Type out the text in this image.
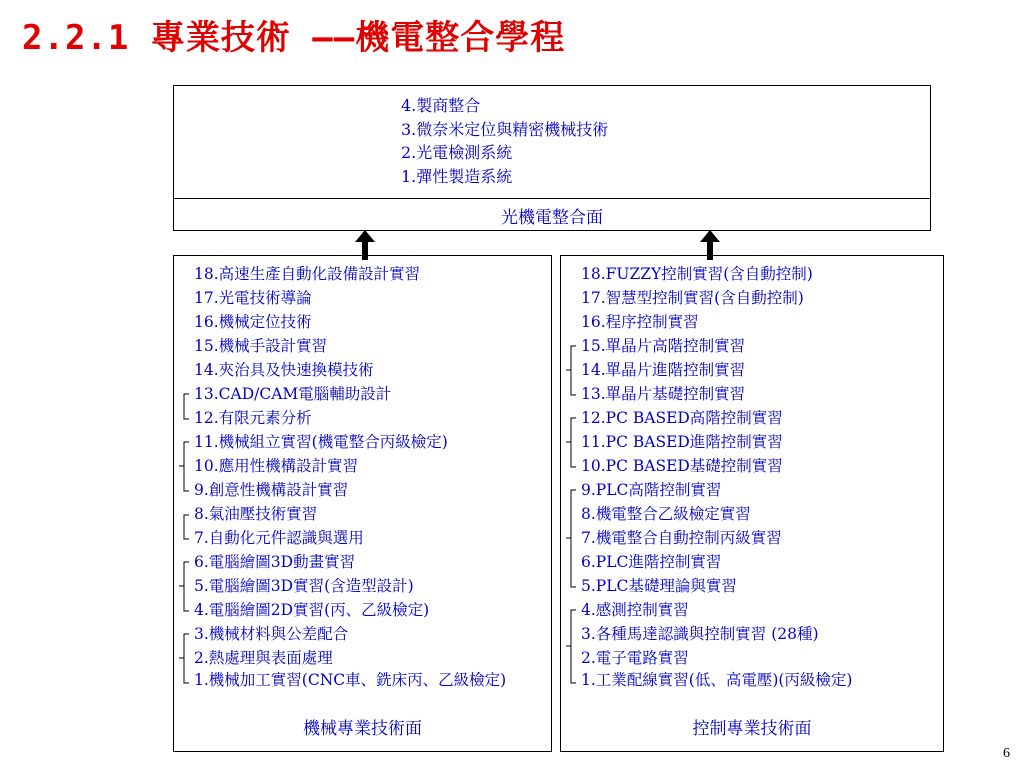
2.2.1 專業技術 ——機電整合學程
4.製商整合
3.微奈米定位與精密機械技術
2.光電檢測系統
1.彈性製造系統
光機電整合面
18.高速生產自動化設備設計實習
17.光電技術導論
16.機械定位技術
15.機械手設計實習
14.夾治具及快速換模技術
13.CAD/CAM電腦輔助設計
12.有限元素分析
11.機械組立實習(機電整合丙級檢定)
10.應用性機構設計實習
9.創意性機構設計實習
8.氣油壓技術實習
7.自動化元件認識與選用
6.電腦繪圖3D動畫實習
5.電腦繪圖3D實習(含造型設計)
4.電腦繪圖2D實習(丙、乙級檢定)
3.機械材料與公差配合
2.熱處理與表面處理
1.機械加工實習(CNC車、銑床丙、乙級檢定)
機械專業技術面
18.FUZZY控制實習(含自動控制)
17.智慧型控制實習(含自動控制)
16.程序控制實習
15.單晶片高階控制實習
14.單晶片進階控制實習
13.單晶片基礎控制實習
12.PC BASED高階控制實習
11.PC BASED進階控制實習
10.PC BASED基礎控制實習
9.PLC高階控制實習
8.機電整合乙級檢定實習
7.機電整合自動控制丙級實習
6.PLC進階控制實習
5.PLC基礎理論與實習
4.感測控制實習
3.各種馬達認識與控制實習 (28種)
2.電子電路實習
1.工業配線實習(低、高電壓)(丙級檢定)
控制專業技術面
6
